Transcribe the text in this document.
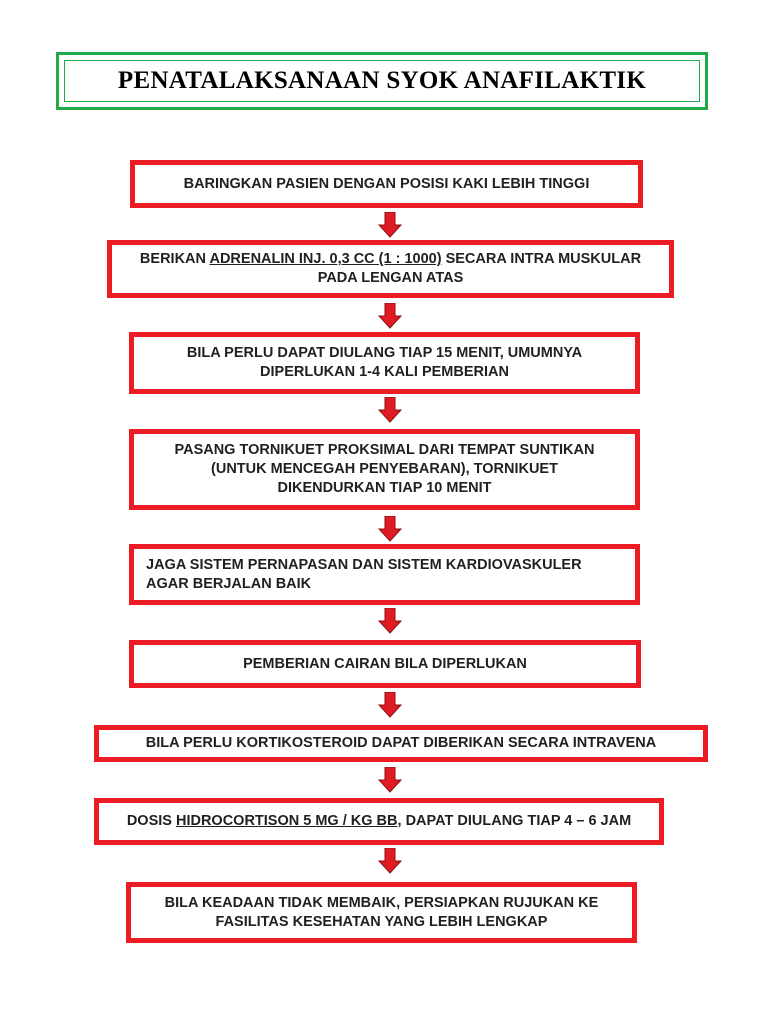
PENATALAKSANAAN SYOK ANAFILAKTIK
BARINGKAN PASIEN DENGAN POSISI KAKI LEBIH TINGGI
BERIKAN ADRENALIN INJ. 0,3 CC (1 : 1000) SECARA INTRA MUSKULAR
PADA LENGAN ATAS
BILA PERLU DAPAT DIULANG TIAP 15 MENIT, UMUMNYA
DIPERLUKAN 1-4 KALI PEMBERIAN
PASANG TORNIKUET PROKSIMAL DARI TEMPAT SUNTIKAN
(UNTUK MENCEGAH PENYEBARAN), TORNIKUET
DIKENDURKAN TIAP 10 MENIT
JAGA SISTEM PERNAPASAN DAN SISTEM KARDIOVASKULER
AGAR BERJALAN BAIK
PEMBERIAN CAIRAN BILA DIPERLUKAN
BILA PERLU KORTIKOSTEROID DAPAT DIBERIKAN SECARA INTRAVENA
DOSIS HIDROCORTISON 5 MG / KG BB, DAPAT DIULANG TIAP 4 – 6 JAM
BILA KEADAAN TIDAK MEMBAIK, PERSIAPKAN RUJUKAN KE
FASILITAS KESEHATAN YANG LEBIH LENGKAP
